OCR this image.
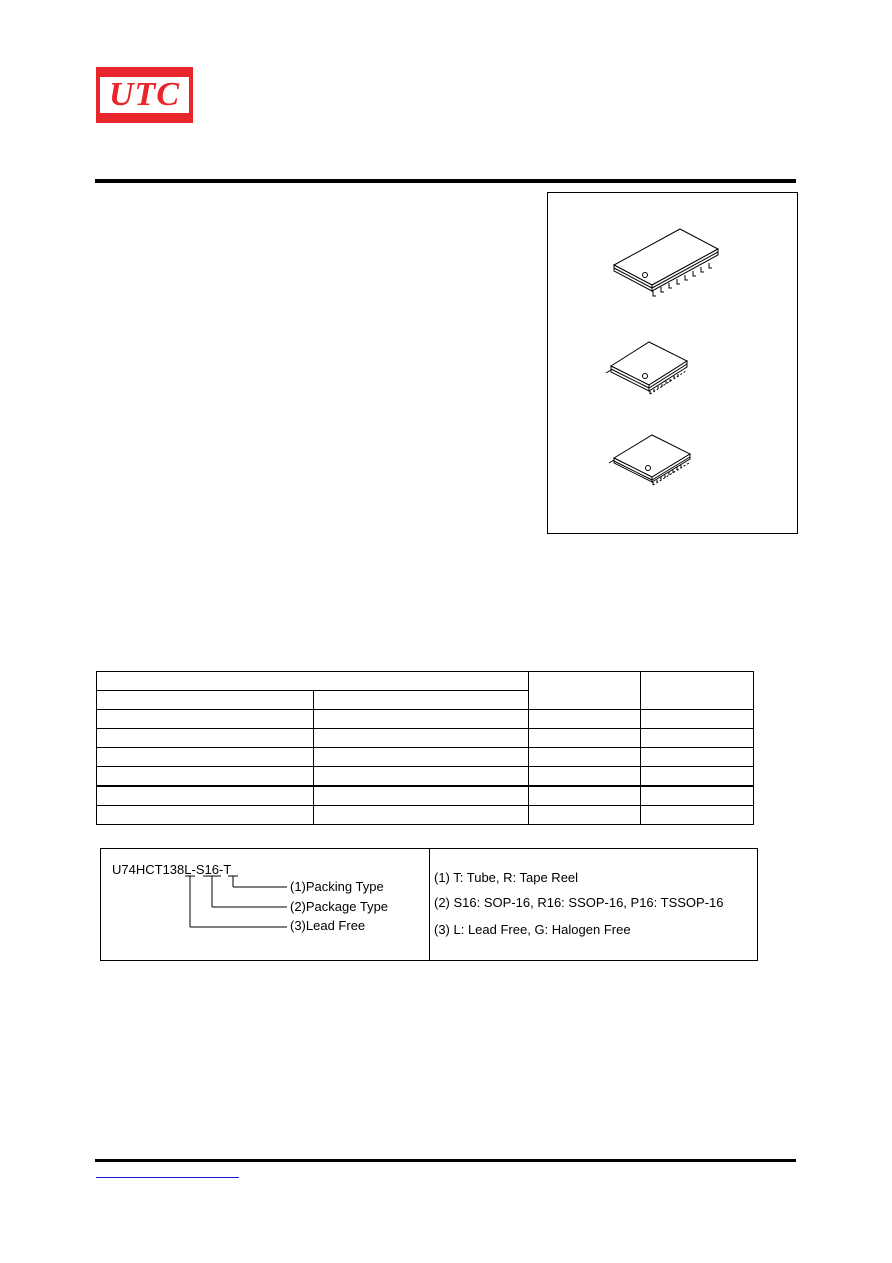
UTC

U74HCT138L-S16-T
(1)Packing Type
(2)Package Type
(3)Lead Free
(1) T: Tube, R: Tape Reel
(2) S16: SOP-16, R16: SSOP-16, P16: TSSOP-16
(3) L: Lead Free, G: Halogen Free
